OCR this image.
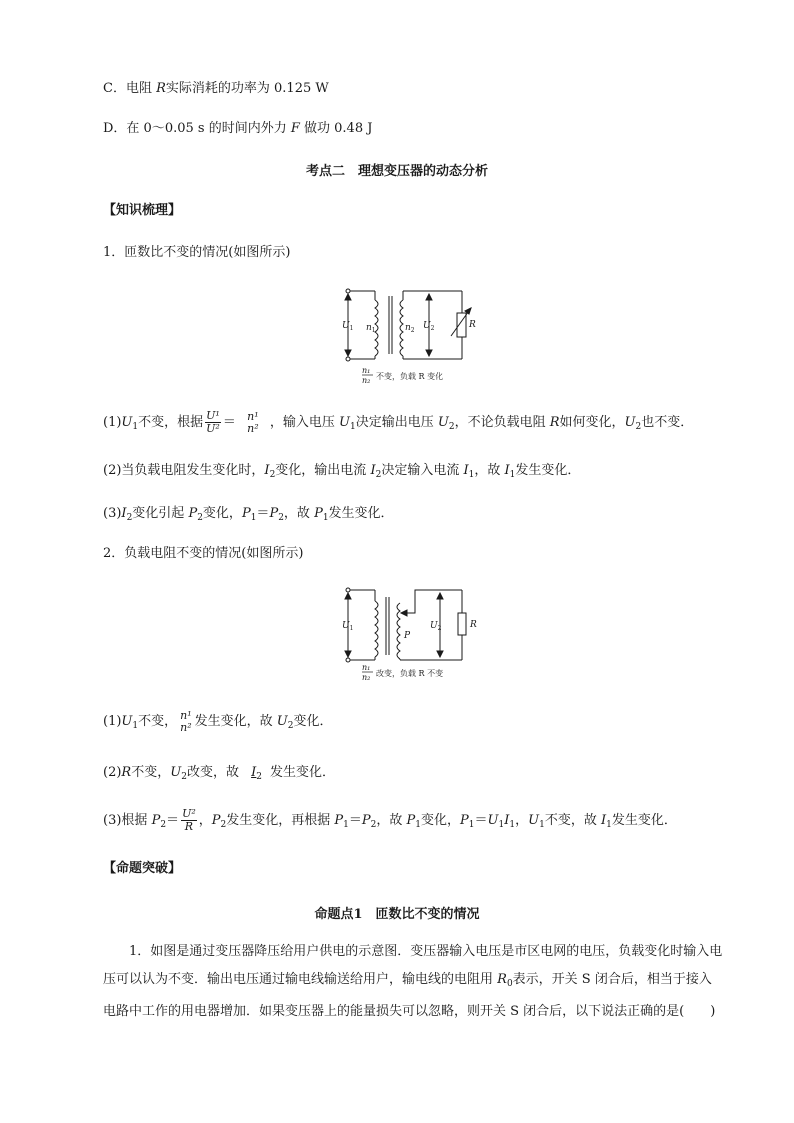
C．电阻 R实际消耗的功率为 0.125 W
D．在 0～0.05 s 的时间内外力 F 做功 0.48 J
考点二　理想变压器的动态分析
【知识梳理】
1．匝数比不变的情况(如图所示)
$U_1$ $n_1$	$n_2$ $U_2$	R
n₁
n₂ 不变，负载 R 变化
$(1)U_1$不变，根据 $\frac{\text{U¹}}{\text{U²}} = n^1$
n² ，输入电压 $U_1$决定输出电压 $U_2$，不论负载电阻 R如何变化，$U_2$也不变．
(2)当负载电阻发生变化时，$I_2$变化，输出电流 $I_2$决定输入电流 $I_1$，故 $I_1$发生变化．
$(3)I_2$变化引起 $P_2$变化，$P_1=P_2$，故 $P_1$发生变化．
2．负载电阻不变的情况(如图所示)
$U_1$
P
$U_2$	R
n₁
n₂ 改变，负载 R 不变
$(1)U_1$不变， n¹
n² 发生变化，故 $U_2$变化．
(2)R不变，$U_2$改变，故 $I_2$ 发生变化．
(3)根据 $P_2= \frac{\text{U²}}{R}$ ，$P_2$发生变化，再根据 $P_1=P_2$，故 $P_1$变化，$P_1=U_1I_1$，$U_1$不变，故 $I_1$发生变化．
【命题突破】
命题点1　匝数比不变的情况
1．如图是通过变压器降压给用户供电的示意图．变压器输入电压是市区电网的电压，负载变化时输入电压可以认为不变．输出电压通过输电线输送给用户，输电线的电阻用 $R_0$表示，开关 S 闭合后，相当于接入电路中工作的用电器增加．如果变压器上的能量损失可以忽略，则开关 S 闭合后，以下说法正确的是(　　)
